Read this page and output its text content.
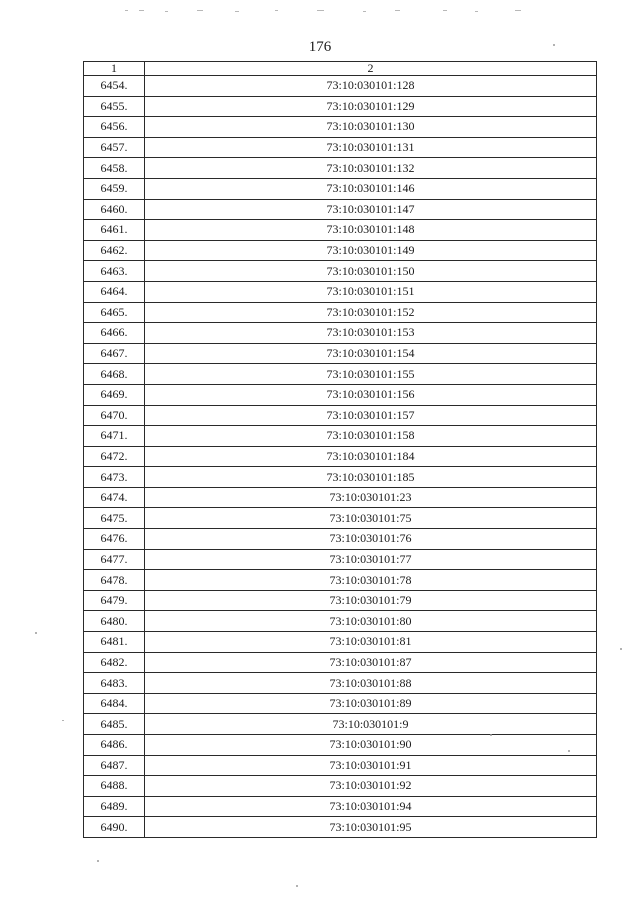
176
1	2
6454.	73:10:030101:128
6455.	73:10:030101:129
6456.	73:10:030101:130
6457.	73:10:030101:131
6458.	73:10:030101:132
6459.	73:10:030101:146
6460.	73:10:030101:147
6461.	73:10:030101:148
6462.	73:10:030101:149
6463.	73:10:030101:150
6464.	73:10:030101:151
6465.	73:10:030101:152
6466.	73:10:030101:153
6467.	73:10:030101:154
6468.	73:10:030101:155
6469.	73:10:030101:156
6470.	73:10:030101:157
6471.	73:10:030101:158
6472.	73:10:030101:184
6473.	73:10:030101:185
6474.	73:10:030101:23
6475.	73:10:030101:75
6476.	73:10:030101:76
6477.	73:10:030101:77
6478.	73:10:030101:78
6479.	73:10:030101:79
6480.	73:10:030101:80
6481.	73:10:030101:81
6482.	73:10:030101:87
6483.	73:10:030101:88
6484.	73:10:030101:89
6485.	73:10:030101:9
6486.	73:10:030101:90
6487.	73:10:030101:91
6488.	73:10:030101:92
6489.	73:10:030101:94
6490.	73:10:030101:95
